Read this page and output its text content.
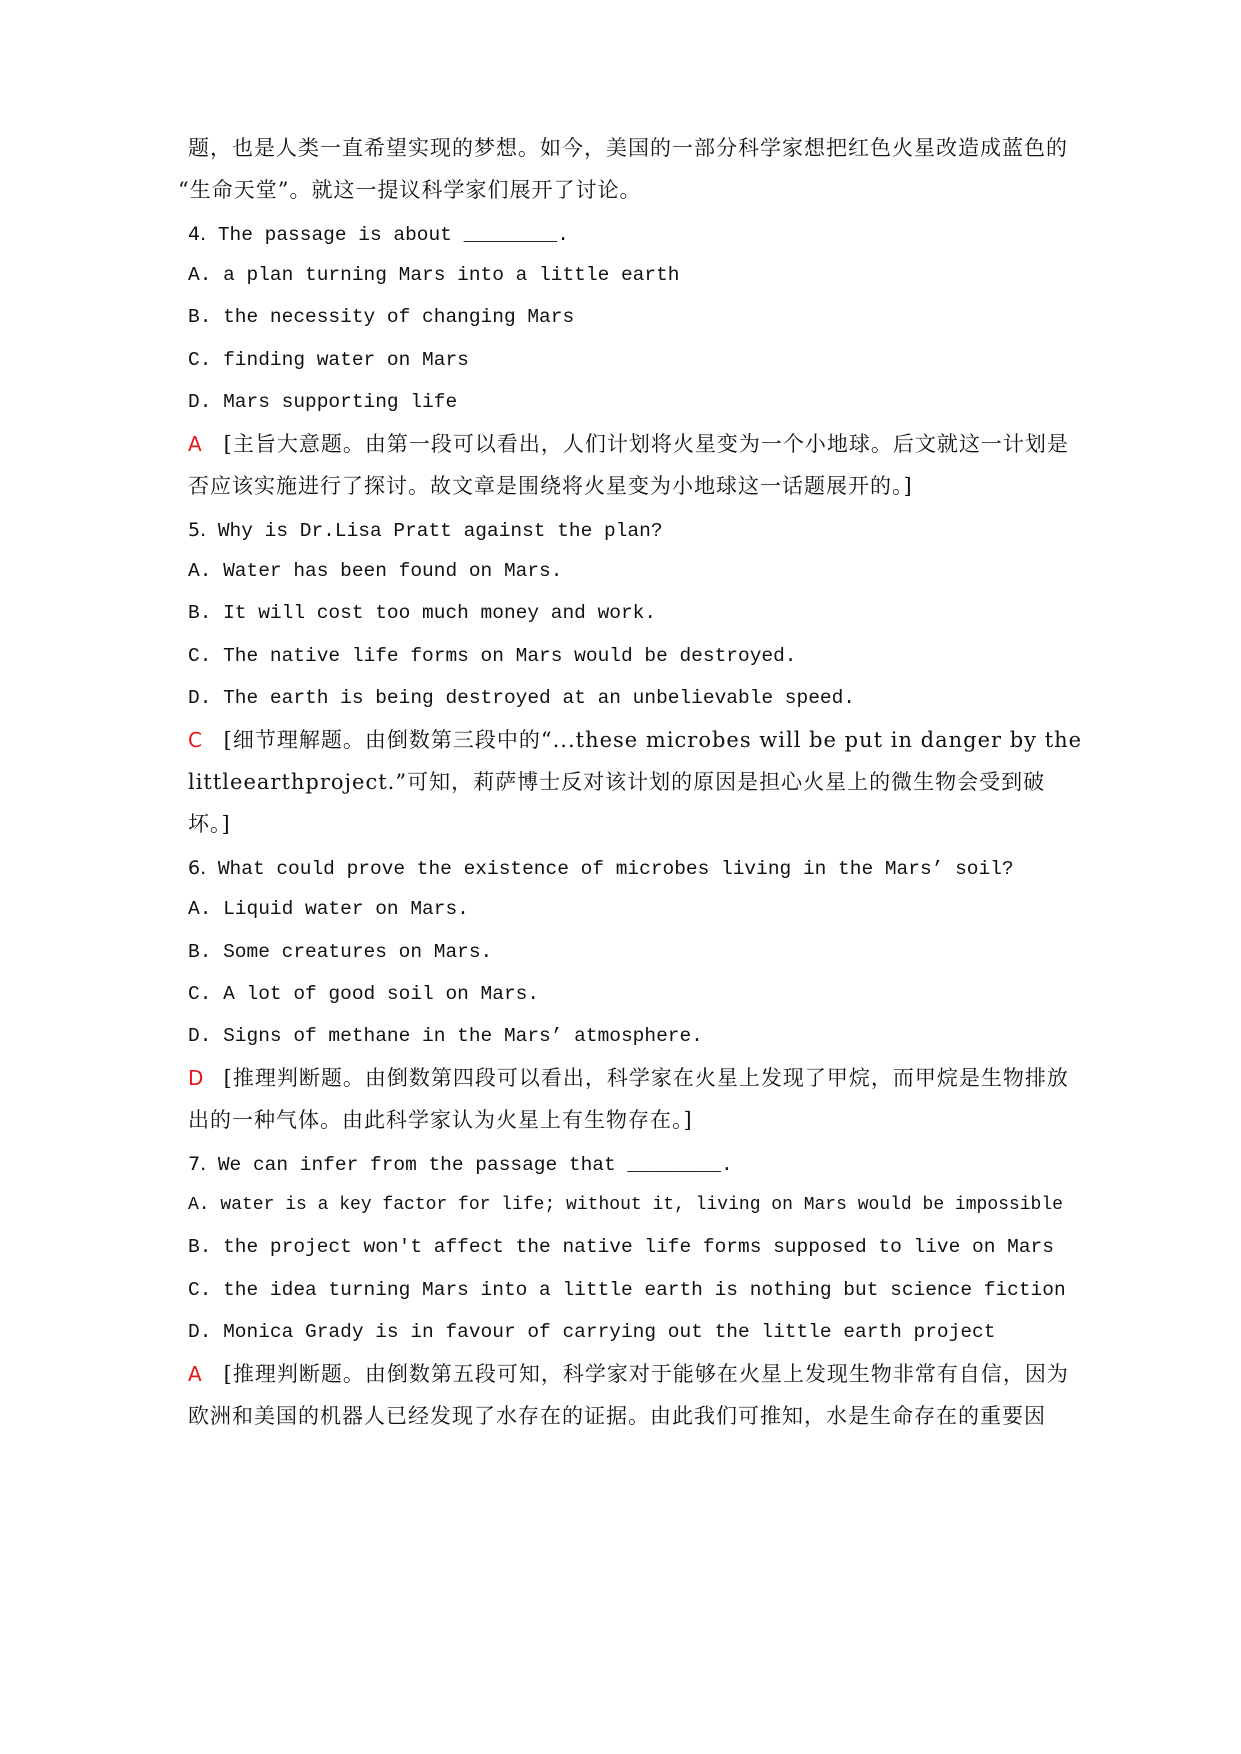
题，也是人类一直希望实现的梦想。如今，美国的一部分科学家想把红色火星改造成蓝色的
“生命天堂”。就这一提议科学家们展开了讨论。
4. The passage is about ________.
A. a plan turning Mars into a little earth
B. the necessity of changing Mars
C. finding water on Mars
D. Mars supporting life
A [主旨大意题。由第一段可以看出，人们计划将火星变为一个小地球。后文就这一计划是
否应该实施进行了探讨。故文章是围绕将火星变为小地球这一话题展开的。]
5. Why is Dr.Lisa Pratt against the plan?
A. Water has been found on Mars.
B. It will cost too much money and work.
C. The native life forms on Mars would be destroyed.
D. The earth is being destroyed at an unbelievable speed.
C [细节理解题。由倒数第三段中的“...these microbes will be put in danger by the
littleearthproject.”可知，莉萨博士反对该计划的原因是担心火星上的微生物会受到破
坏。]
6. What could prove the existence of microbes living in the Mars’ soil?
A. Liquid water on Mars.
B. Some creatures on Mars.
C. A lot of good soil on Mars.
D. Signs of methane in the Mars’ atmosphere.
D [推理判断题。由倒数第四段可以看出，科学家在火星上发现了甲烷，而甲烷是生物排放
出的一种气体。由此科学家认为火星上有生物存在。]
7. We can infer from the passage that ________.
A. water is a key factor for life; without it, living on Mars would be impossible
B. the project won't affect the native life forms supposed to live on Mars
C. the idea turning Mars into a little earth is nothing but science fiction
D. Monica Grady is in favour of carrying out the little earth project
A [推理判断题。由倒数第五段可知，科学家对于能够在火星上发现生物非常有自信，因为
欧洲和美国的机器人已经发现了水存在的证据。由此我们可推知，水是生命存在的重要因
